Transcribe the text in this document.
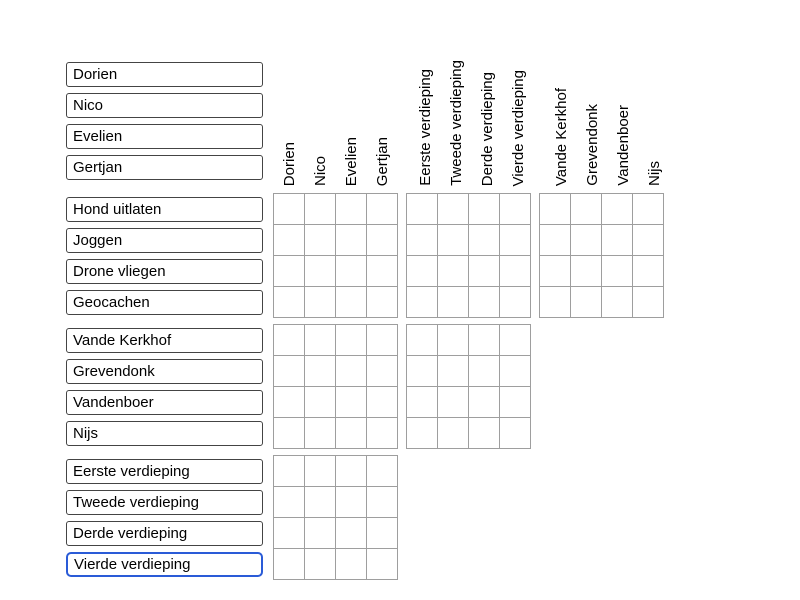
Dorien
Nico
Evelien
Gertjan	Dorien Nico Evelien Gertjan Eerste verdieping Tweede verdieping Derde verdieping Vierde verdieping Vande Kerkhof Grevendonk Vandenboer Nijs
Hond uitlaten
Joggen
Drone vliegen
Geocachen
Vande Kerkhof
Grevendonk
Vandenboer
Nijs
Eerste verdieping
Tweede verdieping
Derde verdieping
Vierde verdieping
